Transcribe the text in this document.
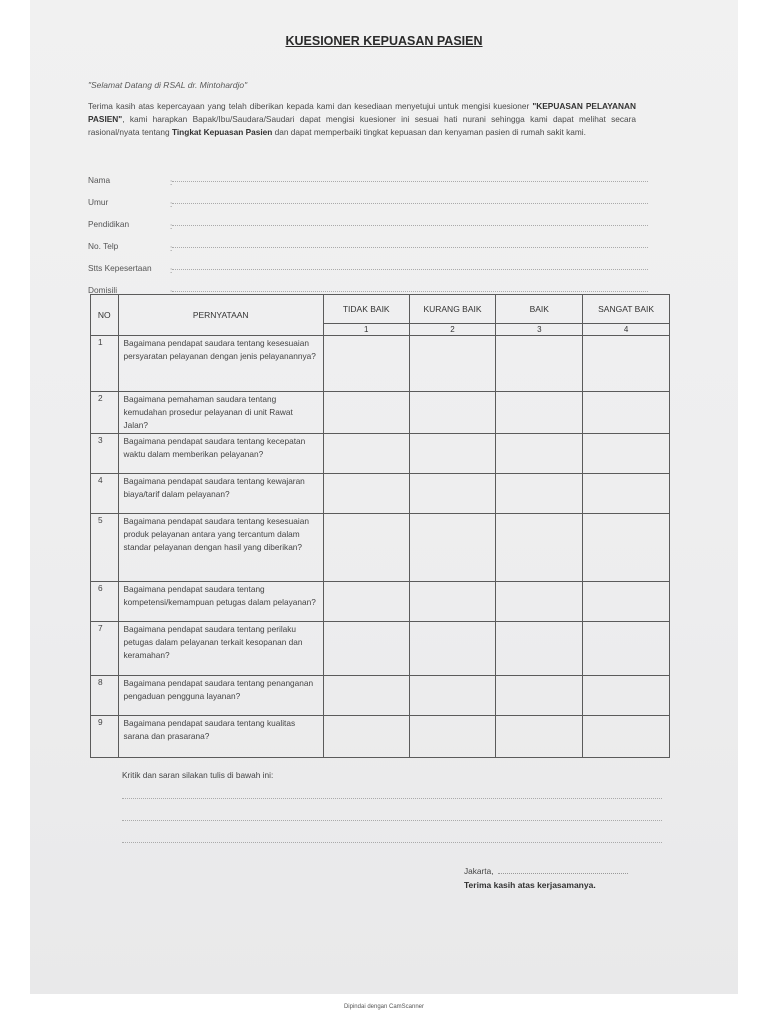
KUESIONER KEPUASAN PASIEN
"Selamat Datang di RSAL dr. Mintohardjo"
Terima kasih atas kepercayaan yang telah diberikan kepada kami dan kesediaan menyetujui untuk mengisi kuesioner "KEPUASAN PELAYANAN PASIEN", kami harapkan Bapak/Ibu/Saudara/Saudari dapat mengisi kuesioner ini sesuai hati nurani sehingga kami dapat melihat secara rasional/nyata tentang Tingkat Kepuasan Pasien dan dapat memperbaiki tingkat kepuasan dan kenyaman pasien di rumah sakit kami.
Nama
:
Umur
:
Pendidikan
:
No. Telp
:
Stts Kepesertaan
:
Domisili
:
NO	PERNYATAAN	TIDAK BAIK	KURANG BAIK	BAIK	SANGAT BAIK
		1	2	3	4
1	Bagaimana pendapat saudara tentang kesesuaian persyaratan pelayanan dengan jenis pelayanannya?				
2	Bagaimana pemahaman saudara tentang kemudahan prosedur pelayanan di unit Rawat Jalan?				
3	Bagaimana pendapat saudara tentang kecepatan waktu dalam memberikan pelayanan?				
4	Bagaimana pendapat saudara tentang kewajaran biaya/tarif dalam pelayanan?				
5	Bagaimana pendapat saudara tentang kesesuaian produk pelayanan antara yang tercantum dalam standar pelayanan dengan hasil yang diberikan?				
6	Bagaimana pendapat saudara tentang kompetensi/kemampuan petugas dalam pelayanan?				
7	Bagaimana pendapat saudara tentang perilaku petugas dalam pelayanan terkait kesopanan dan keramahan?				
8	Bagaimana pendapat saudara tentang penanganan pengaduan pengguna layanan?				
9	Bagaimana pendapat saudara tentang kualitas sarana dan prasarana?				
Kritik dan saran silakan tulis di bawah ini:
Jakarta,
Terima kasih atas kerjasamanya.
Dipindai dengan CamScanner
